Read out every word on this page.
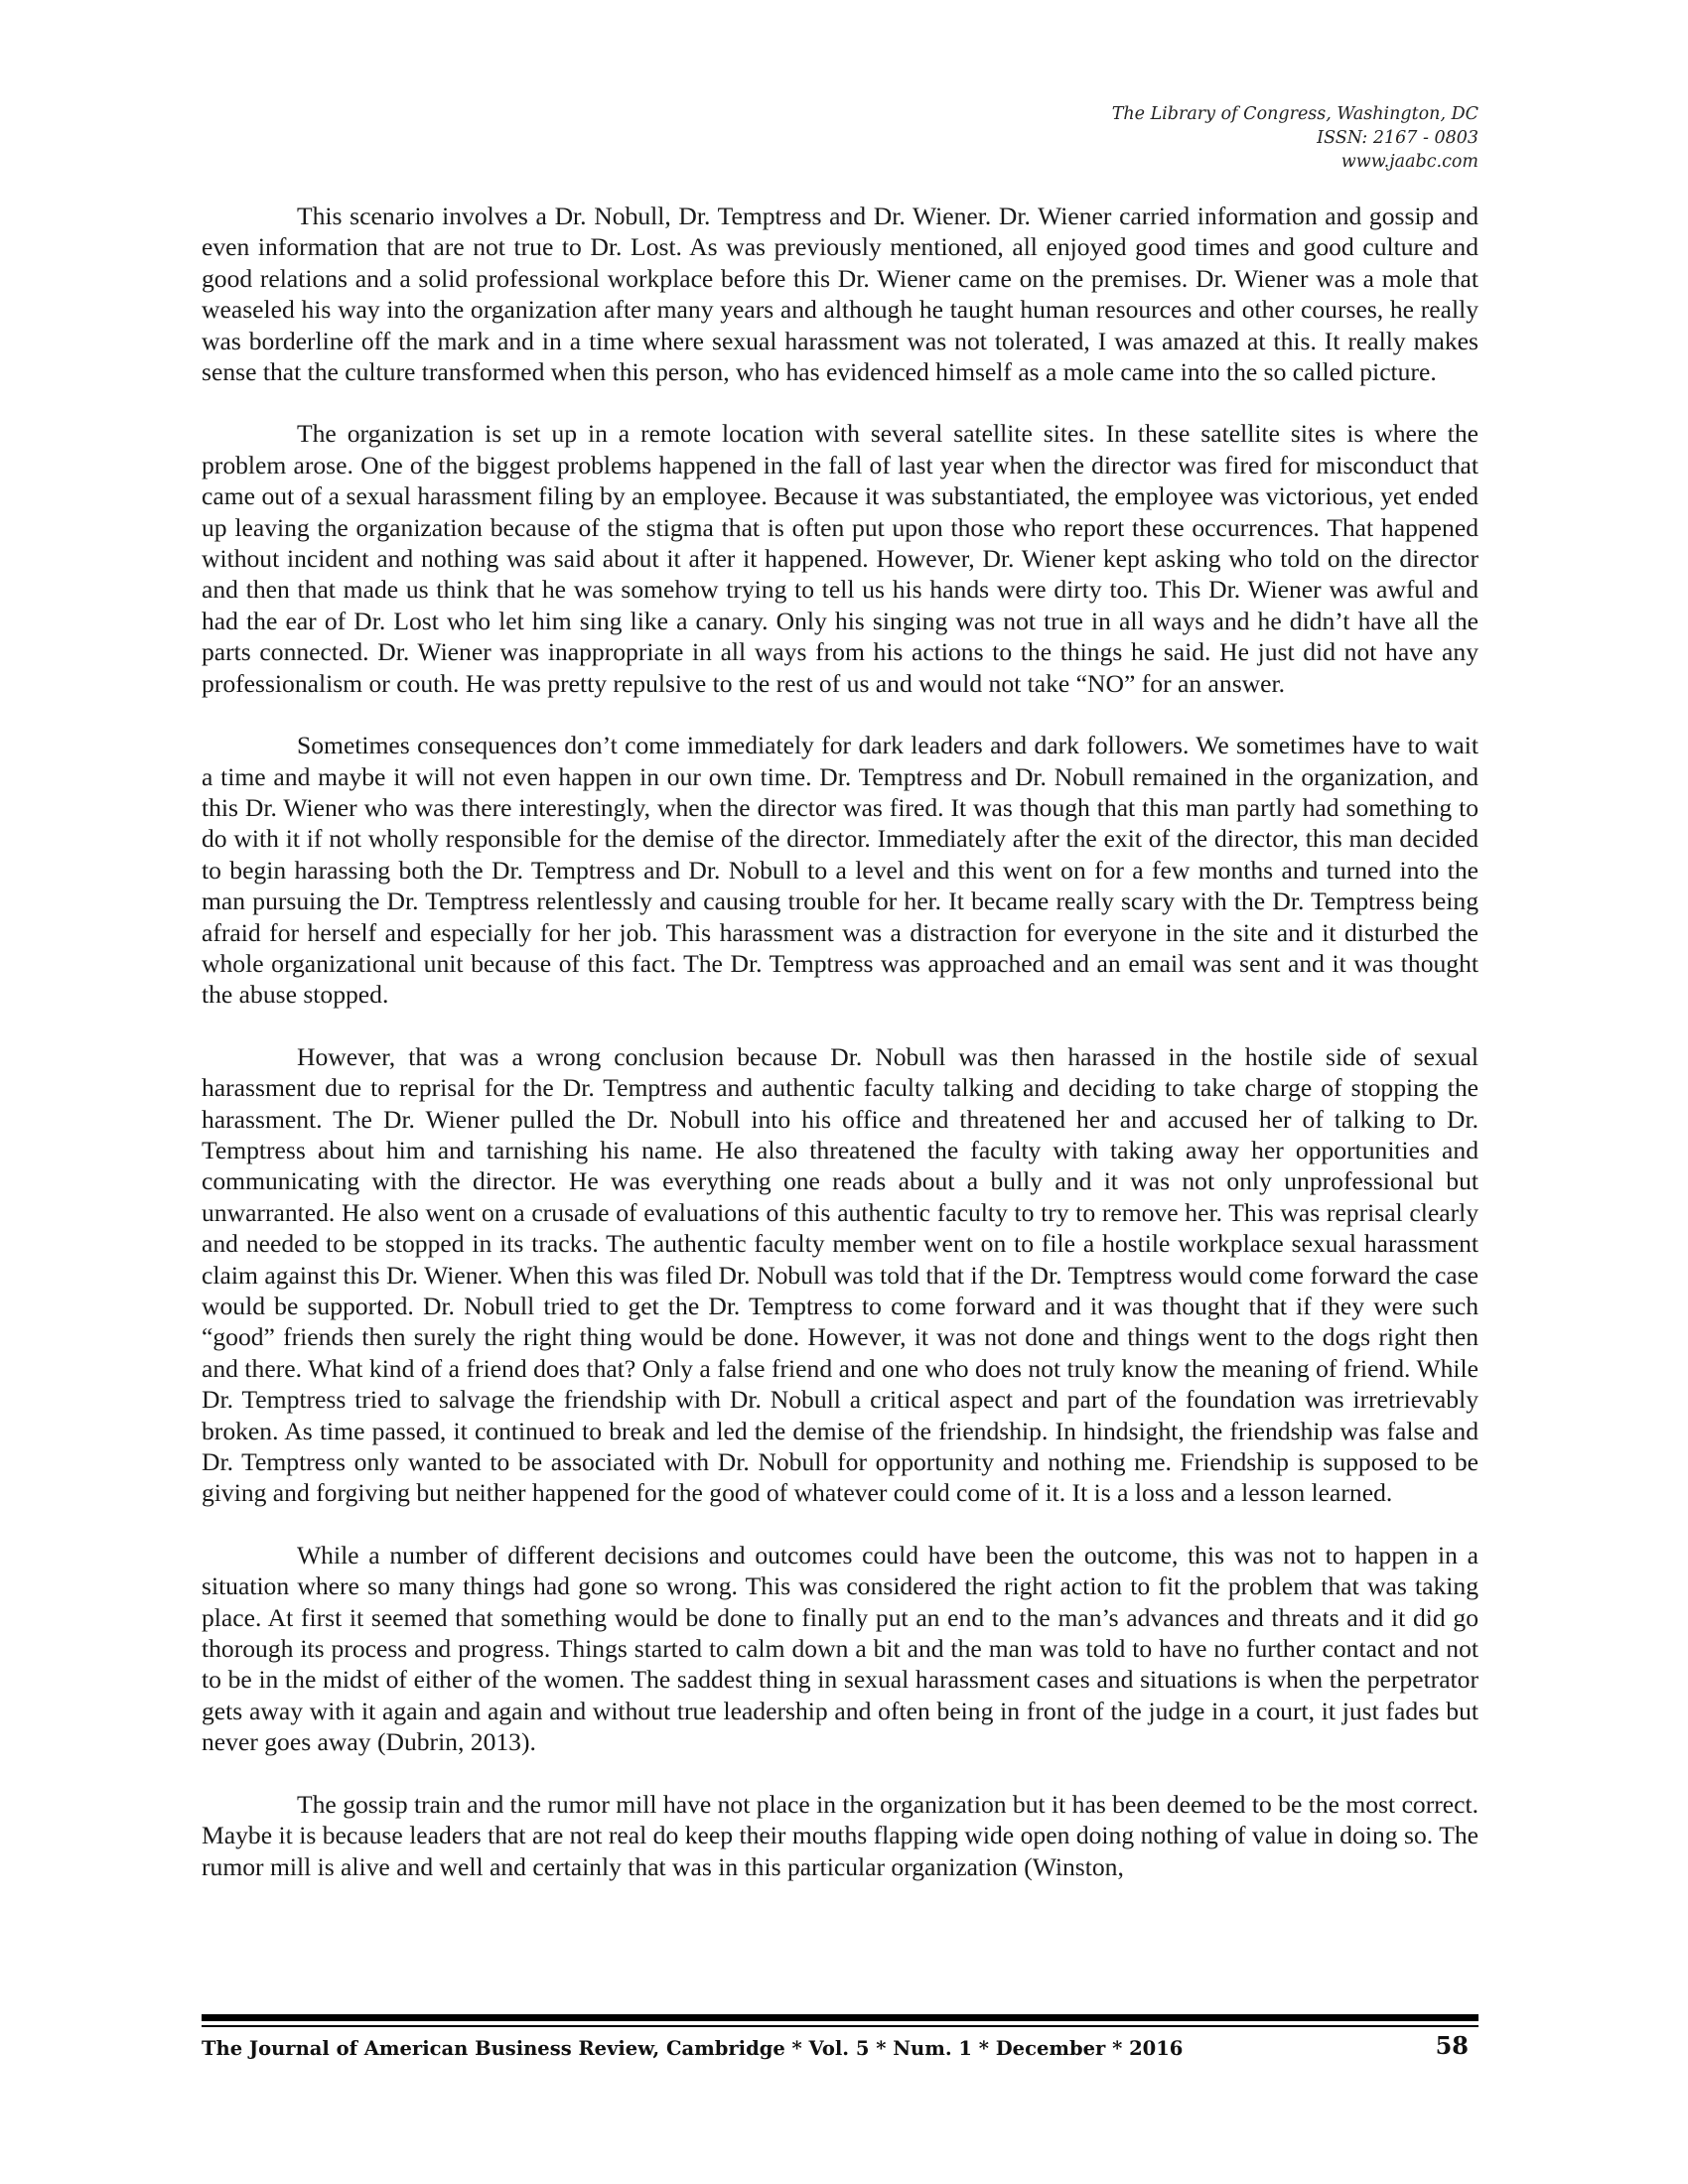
The Library of Congress, Washington, DC
ISSN: 2167 - 0803
www.jaabc.com

This scenario involves a Dr. Nobull, Dr. Temptress and Dr. Wiener. Dr. Wiener carried information and gossip and even information that are not true to Dr. Lost. As was previously mentioned, all enjoyed good times and good culture and good relations and a solid professional workplace before this Dr. Wiener came on the premises. Dr. Wiener was a mole that weaseled his way into the organization after many years and although he taught human resources and other courses, he really was borderline off the mark and in a time where sexual harassment was not tolerated, I was amazed at this. It really makes sense that the culture transformed when this person, who has evidenced himself as a mole came into the so called picture.

The organization is set up in a remote location with several satellite sites. In these satellite sites is where the problem arose. One of the biggest problems happened in the fall of last year when the director was fired for misconduct that came out of a sexual harassment filing by an employee. Because it was substantiated, the employee was victorious, yet ended up leaving the organization because of the stigma that is often put upon those who report these occurrences. That happened without incident and nothing was said about it after it happened. However, Dr. Wiener kept asking who told on the director and then that made us think that he was somehow trying to tell us his hands were dirty too. This Dr. Wiener was awful and had the ear of Dr. Lost who let him sing like a canary. Only his singing was not true in all ways and he didn’t have all the parts connected. Dr. Wiener was inappropriate in all ways from his actions to the things he said. He just did not have any professionalism or couth. He was pretty repulsive to the rest of us and would not take “NO” for an answer.

Sometimes consequences don’t come immediately for dark leaders and dark followers. We sometimes have to wait a time and maybe it will not even happen in our own time. Dr. Temptress and Dr. Nobull remained in the organization, and this Dr. Wiener who was there interestingly, when the director was fired. It was though that this man partly had something to do with it if not wholly responsible for the demise of the director. Immediately after the exit of the director, this man decided to begin harassing both the Dr. Temptress and Dr. Nobull to a level and this went on for a few months and turned into the man pursuing the Dr. Temptress relentlessly and causing trouble for her. It became really scary with the Dr. Temptress being afraid for herself and especially for her job. This harassment was a distraction for everyone in the site and it disturbed the whole organizational unit because of this fact. The Dr. Temptress was approached and an email was sent and it was thought the abuse stopped.

However, that was a wrong conclusion because Dr. Nobull was then harassed in the hostile side of sexual harassment due to reprisal for the Dr. Temptress and authentic faculty talking and deciding to take charge of stopping the harassment. The Dr. Wiener pulled the Dr. Nobull into his office and threatened her and accused her of talking to Dr. Temptress about him and tarnishing his name. He also threatened the faculty with taking away her opportunities and communicating with the director. He was everything one reads about a bully and it was not only unprofessional but unwarranted. He also went on a crusade of evaluations of this authentic faculty to try to remove her. This was reprisal clearly and needed to be stopped in its tracks. The authentic faculty member went on to file a hostile workplace sexual harassment claim against this Dr. Wiener. When this was filed Dr. Nobull was told that if the Dr. Temptress would come forward the case would be supported. Dr. Nobull tried to get the Dr. Temptress to come forward and it was thought that if they were such “good” friends then surely the right thing would be done. However, it was not done and things went to the dogs right then and there. What kind of a friend does that? Only a false friend and one who does not truly know the meaning of friend. While Dr. Temptress tried to salvage the friendship with Dr. Nobull a critical aspect and part of the foundation was irretrievably broken. As time passed, it continued to break and led the demise of the friendship. In hindsight, the friendship was false and Dr. Temptress only wanted to be associated with Dr. Nobull for opportunity and nothing me. Friendship is supposed to be giving and forgiving but neither happened for the good of whatever could come of it. It is a loss and a lesson learned.

While a number of different decisions and outcomes could have been the outcome, this was not to happen in a situation where so many things had gone so wrong. This was considered the right action to fit the problem that was taking place. At first it seemed that something would be done to finally put an end to the man’s advances and threats and it did go thorough its process and progress. Things started to calm down a bit and the man was told to have no further contact and not to be in the midst of either of the women. The saddest thing in sexual harassment cases and situations is when the perpetrator gets away with it again and again and without true leadership and often being in front of the judge in a court, it just fades but never goes away (Dubrin, 2013).

The gossip train and the rumor mill have not place in the organization but it has been deemed to be the most correct. Maybe it is because leaders that are not real do keep their mouths flapping wide open doing nothing of value in doing so. The rumor mill is alive and well and certainly that was in this particular organization (Winston,

The Journal of American Business Review, Cambridge * Vol. 5 * Num. 1 * December * 2016	58
